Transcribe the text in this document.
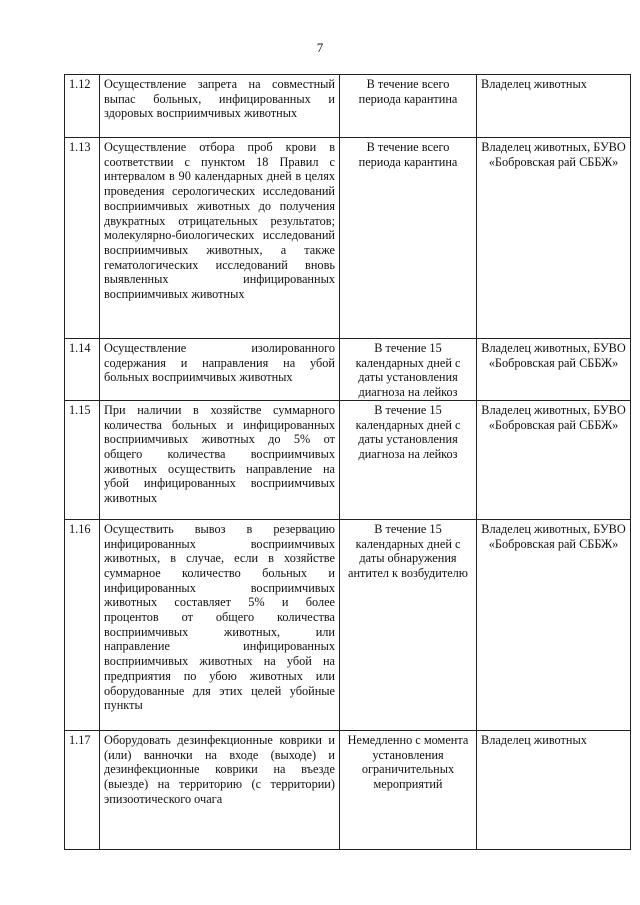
7
1.12	Осуществление запрета на совместный выпас больных, инфицированных и здоровых восприимчивых животных	В течение всего периода карантина	Владелец животных
1.13	Осуществление отбора проб крови в соответствии с пунктом 18 Правил с интервалом в 90 календарных дней в целях проведения серологических исследований восприимчивых животных до получения двукратных отрицательных результатов; молекулярно-биологических исследований восприимчивых животных, а также гематологических исследований вновь выявленных инфицированных восприимчивых животных	В течение всего периода карантина	Владелец животных, БУВО «Бобровская рай СББЖ»
1.14	Осуществление изолированного содержания и направления на убой больных восприимчивых животных	В течение 15 календарных дней с даты установления диагноза на лейкоз	Владелец животных, БУВО «Бобровская рай СББЖ»
1.15	При наличии в хозяйстве суммарного количества больных и инфицированных восприимчивых животных до 5% от общего количества восприимчивых животных осуществить направление на убой инфицированных восприимчивых животных	В течение 15 календарных дней с даты установления диагноза на лейкоз	Владелец животных, БУВО «Бобровская рай СББЖ»
1.16	Осуществить вывоз в резервацию инфицированных восприимчивых животных, в случае, если в хозяйстве суммарное количество больных и инфицированных восприимчивых животных составляет 5% и более процентов от общего количества восприимчивых животных, или направление инфицированных восприимчивых животных на убой на предприятия по убою животных или оборудованные для этих целей убойные пункты	В течение 15 календарных дней с даты обнаружения антител к возбудителю	Владелец животных, БУВО «Бобровская рай СББЖ»
1.17	Оборудовать дезинфекционные коврики и (или) ванночки на входе (выходе) и дезинфекционные коврики на въезде (выезде) на территорию (с территории) эпизоотического очага	Немедленно с момента установления ограничительных мероприятий	Владелец животных
